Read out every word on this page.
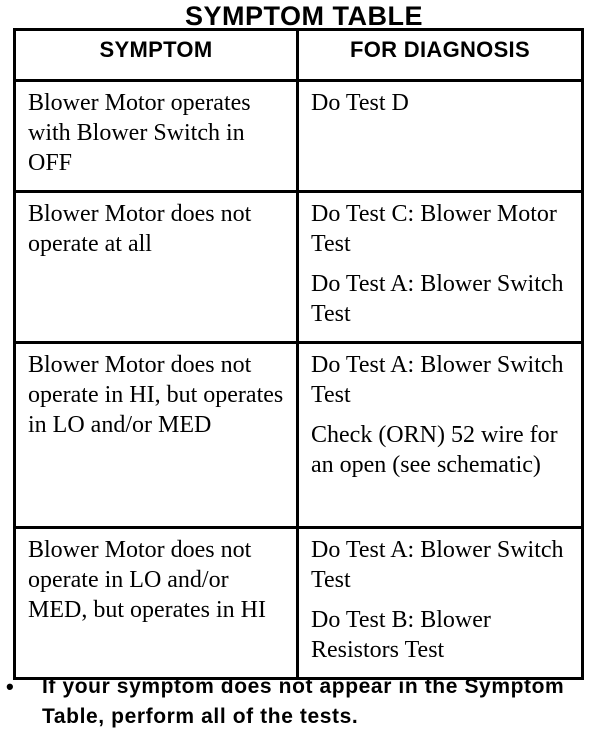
SYMPTOM TABLE
SYMPTOM	FOR DIAGNOSIS
Blower Motor operates with Blower Switch in OFF	Do Test D

Blower Motor does not operate at all	Do Test C: Blower Motor Test
Do Test A: Blower Switch Test

Blower Motor does not operate in HI, but operates in LO and/or MED	Do Test A: Blower Switch Test
Check (ORN) 52 wire for an open (see schematic)

Blower Motor does not operate in LO and/or MED, but operates in HI	Do Test A: Blower Switch Test
Do Test B: Blower Resistors Test
• If your symptom does not appear in the Symptom Table, perform all of the tests.
